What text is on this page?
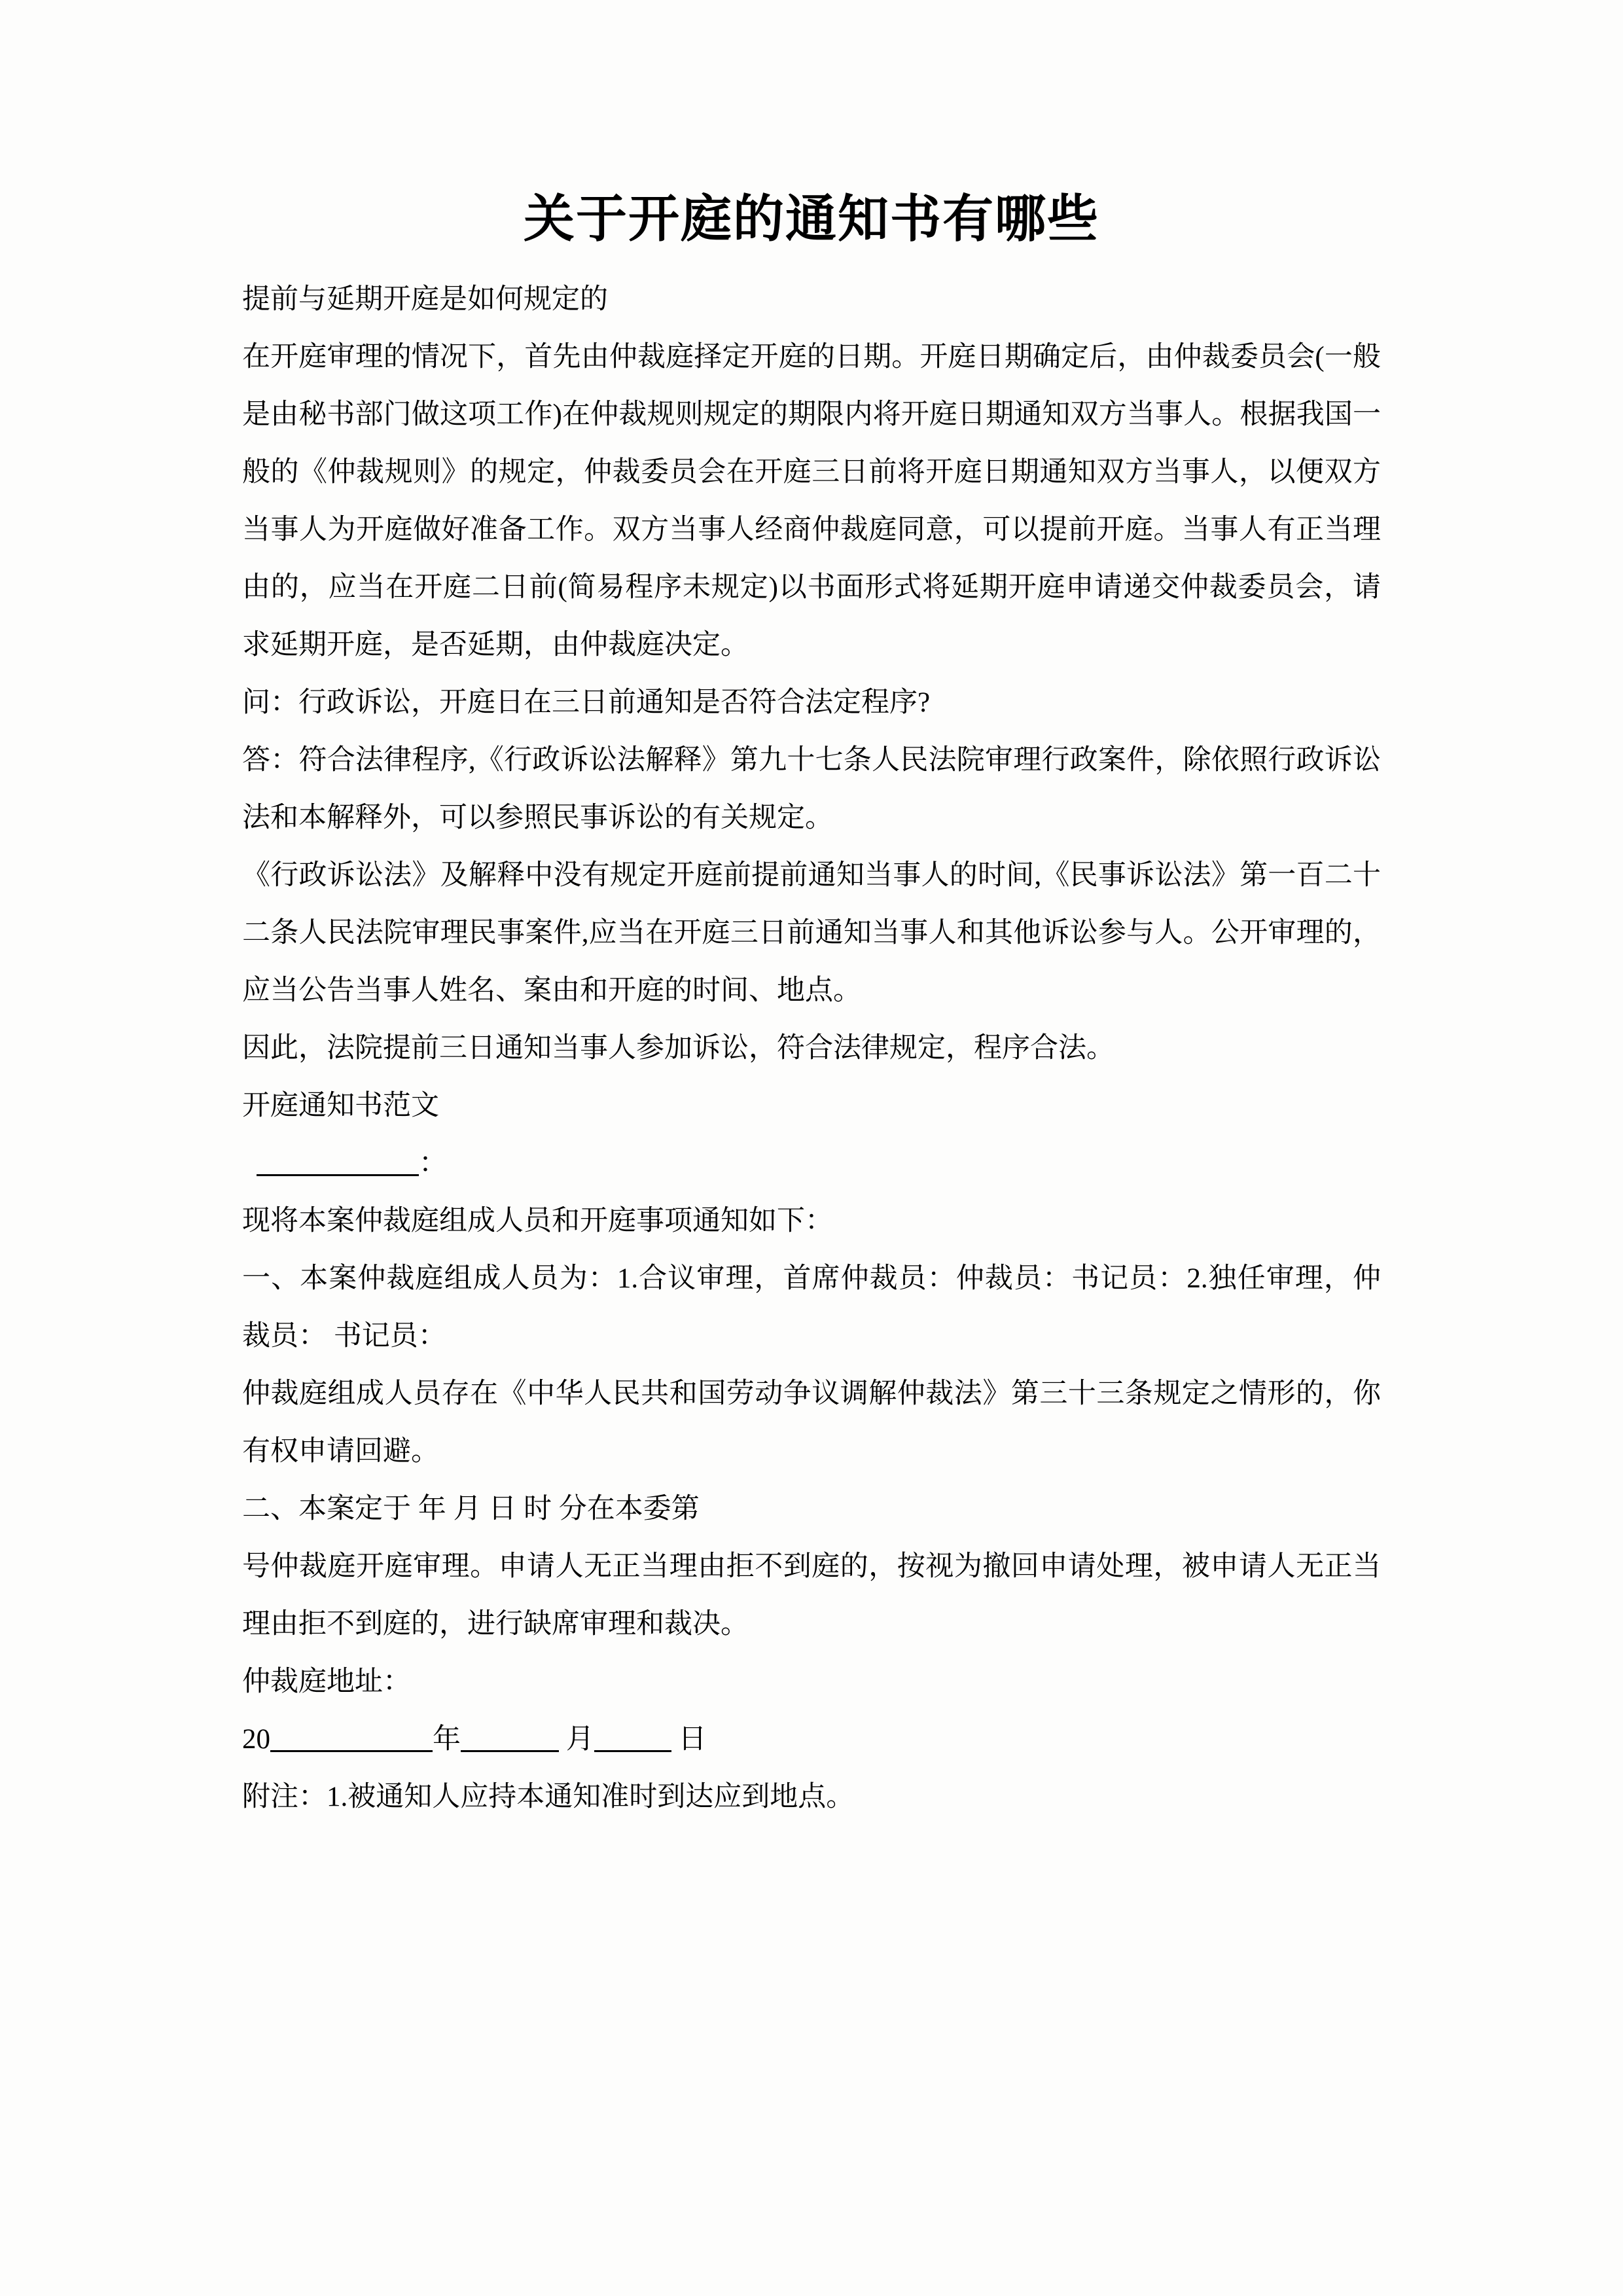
关于开庭的通知书有哪些

提前与延期开庭是如何规定的

在开庭审理的情况下，首先由仲裁庭择定开庭的日期。开庭日期确定后，由仲裁委员会(一般是由秘书部门做这项工作)在仲裁规则规定的期限内将开庭日期通知双方当事人。根据我国一般的《仲裁规则》的规定，仲裁委员会在开庭三日前将开庭日期通知双方当事人，以便双方当事人为开庭做好准备工作。双方当事人经商仲裁庭同意，可以提前开庭。当事人有正当理由的，应当在开庭二日前(简易程序未规定)以书面形式将延期开庭申请递交仲裁委员会，请求延期开庭，是否延期，由仲裁庭决定。

问：行政诉讼，开庭日在三日前通知是否符合法定程序?

答：符合法律程序,《行政诉讼法解释》第九十七条人民法院审理行政案件，除依照行政诉讼法和本解释外，可以参照民事诉讼的有关规定。

《行政诉讼法》及解释中没有规定开庭前提前通知当事人的时间,《民事诉讼法》第一百二十二条人民法院审理民事案件,应当在开庭三日前通知当事人和其他诉讼参与人。公开审理的，应当公告当事人姓名、案由和开庭的时间、地点。

因此，法院提前三日通知当事人参加诉讼，符合法律规定，程序合法。

开庭通知书范文

：

现将本案仲裁庭组成人员和开庭事项通知如下：

一、本案仲裁庭组成人员为：1.合议审理，首席仲裁员：仲裁员：书记员：2.独任审理，仲裁员： 书记员：

仲裁庭组成人员存在《中华人民共和国劳动争议调解仲裁法》第三十三条规定之情形的，你有权申请回避。

二、本案定于 年 月 日 时 分在本委第

号仲裁庭开庭审理。申请人无正当理由拒不到庭的，按视为撤回申请处理，被申请人无正当理由拒不到庭的，进行缺席审理和裁决。

仲裁庭地址：

20	年	月	日

附注：1.被通知人应持本通知准时到达应到地点。
